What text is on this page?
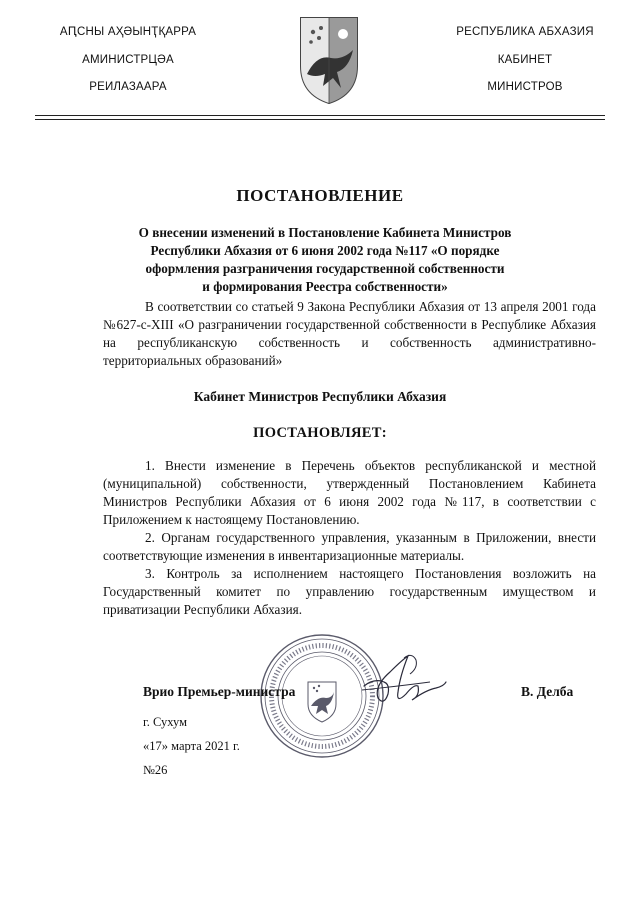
АԤСНЫ АҲӘЫНҬҚАРРА
АМИНИСТРЦӘА
РЕИЛАЗААРА
РЕСПУБЛИКА АБХАЗИЯ
КАБИНЕТ
МИНИСТРОВ
ПОСТАНОВЛЕНИЕ
О внесении изменений в Постановление Кабинета Министров
Республики Абхазия от 6 июня 2002 года №117 «О порядке
оформления разграничения государственной собственности
и формирования Реестра собственности»
В соответствии со статьей 9 Закона Республики Абхазия от 13 апреля 2001 года №627-с-XIII «О разграничении государственной собственности в Республике Абхазия на республиканскую собственность и собственность административно-территориальных образований»
Кабинет Министров Республики Абхазия
ПОСТАНОВЛЯЕТ:

1. Внести изменение в Перечень объектов республиканской и местной (муниципальной) собственности, утвержденный Постановлением Кабинета Министров Республики Абхазия от 6 июня 2002 года №117, в соответствии с Приложением к настоящему Постановлению.

2. Органам государственного управления, указанным в Приложении, внести соответствующие изменения в инвентаризационные материалы.

3. Контроль за исполнением настоящего Постановления возложить на Государственный комитет по управлению государственным имуществом и приватизации Республики Абхазия.

Врио Премьер-министра	В. Делба
г. Сухум
«17» марта 2021 г.
№26
